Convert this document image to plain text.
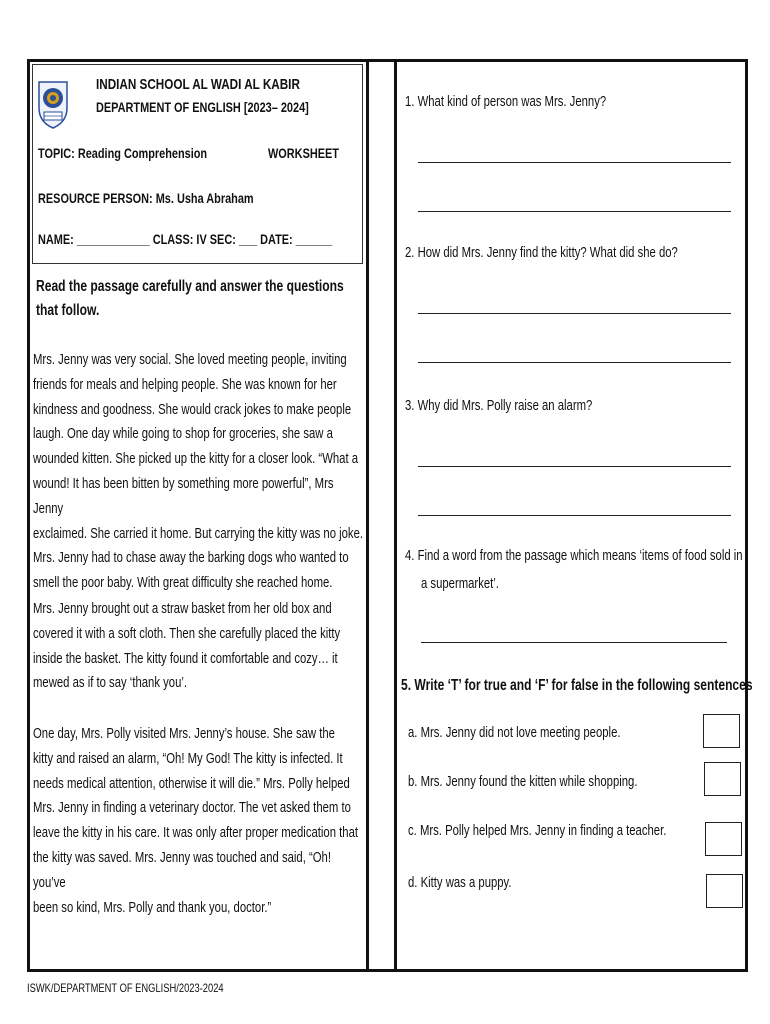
INDIAN SCHOOL AL WADI AL KABIR
DEPARTMENT OF ENGLISH [2023– 2024]
TOPIC: Reading Comprehension	WORKSHEET
RESOURCE PERSON: Ms. Usha Abraham
NAME: ____________ CLASS: IV SEC: ___ DATE: ______
Read the passage carefully and answer the questions that follow.
Mrs. Jenny was very social. She loved meeting people, inviting
friends for meals and helping people. She was known for her
kindness and goodness. She would crack jokes to make people
laugh. One day while going to shop for groceries, she saw a
wounded kitten. She picked up the kitty for a closer look. “What a
wound! It has been bitten by something more powerful”, Mrs Jenny
exclaimed. She carried it home. But carrying the kitty was no joke.
Mrs. Jenny had to chase away the barking dogs who wanted to
smell the poor baby. With great difficulty she reached home.
Mrs. Jenny brought out a straw basket from her old box and
covered it with a soft cloth. Then she carefully placed the kitty
inside the basket. The kitty found it comfortable and cozy… it
mewed as if to say ‘thank you’.
One day, Mrs. Polly visited Mrs. Jenny’s house. She saw the
kitty and raised an alarm, “Oh! My God! The kitty is infected. It
needs medical attention, otherwise it will die.” Mrs. Polly helped
Mrs. Jenny in finding a veterinary doctor. The vet asked them to
leave the kitty in his care. It was only after proper medication that
the kitty was saved. Mrs. Jenny was touched and said, “Oh! you’ve
been so kind, Mrs. Polly and thank you, doctor.”
1. What kind of person was Mrs. Jenny?
2. How did Mrs. Jenny find the kitty? What did she do?
3. Why did Mrs. Polly raise an alarm?
4. Find a word from the passage which means ‘items of food sold in
a supermarket’.
5. Write ‘T’ for true and ‘F’ for false in the following sentences
a. Mrs. Jenny did not love meeting people.
b. Mrs. Jenny found the kitten while shopping.
c. Mrs. Polly helped Mrs. Jenny in finding a teacher.
d. Kitty was a puppy.
ISWK/DEPARTMENT OF ENGLISH/2023-2024
